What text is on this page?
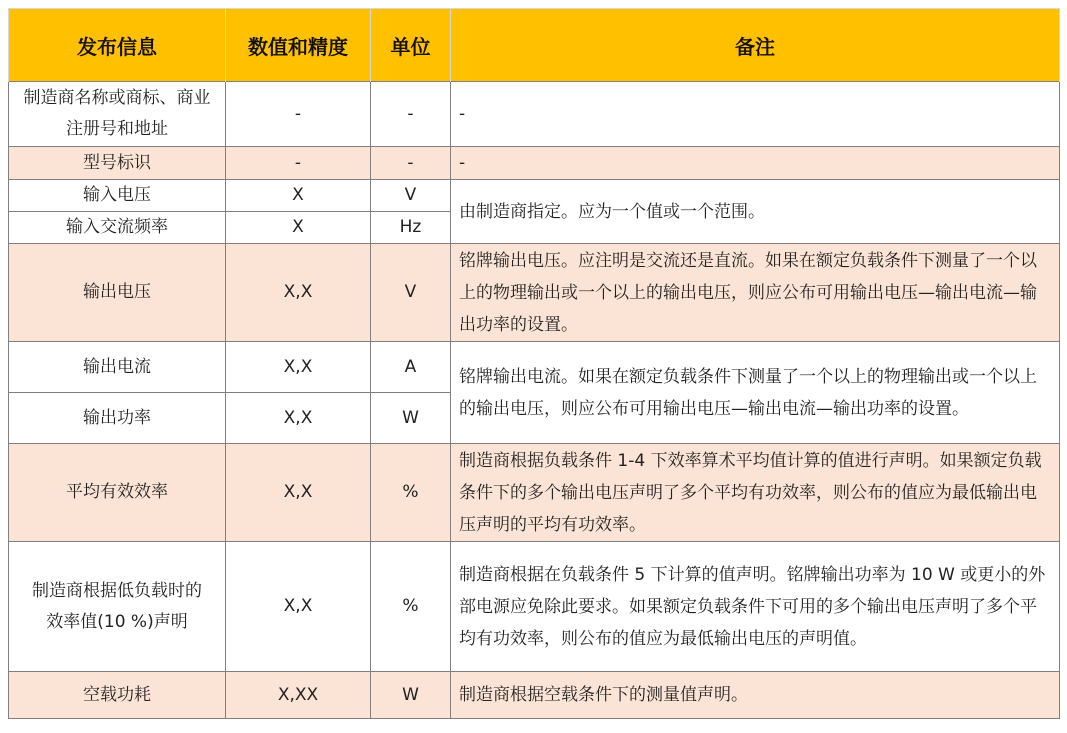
发布信息	数值和精度	单位	备注
制造商名称或商标、商业注册号和地址	-	-	-
型号标识	-	-	-
输入电压	X	V	由制造商指定。应为一个值或一个范围。
输入交流频率	X	Hz	
输出电压	X,X	V	铭牌输出电压。应注明是交流还是直流。如果在额定负载条件下测量了一个以上的物理输出或一个以上的输出电压，则应公布可用输出电压—输出电流—输出功率的设置。
输出电流	X,X	A	铭牌输出电流。如果在额定负载条件下测量了一个以上的物理输出或一个以上的输出电压，则应公布可用输出电压—输出电流—输出功率的设置。
输出功率	X,X	W	
平均有效效率	X,X	%	制造商根据负载条件 1-4 下效率算术平均值计算的值进行声明。如果额定负载条件下的多个输出电压声明了多个平均有功效率，则公布的值应为最低输出电压声明的平均有功效率。
制造商根据低负载时的效率值(10 %)声明	X,X	%	制造商根据在负载条件 5 下计算的值声明。铭牌输出功率为 10 W 或更小的外部电源应免除此要求。如果额定负载条件下可用的多个输出电压声明了多个平均有功效率，则公布的值应为最低输出电压的声明值。
空载功耗	X,XX	W	制造商根据空载条件下的测量值声明。
